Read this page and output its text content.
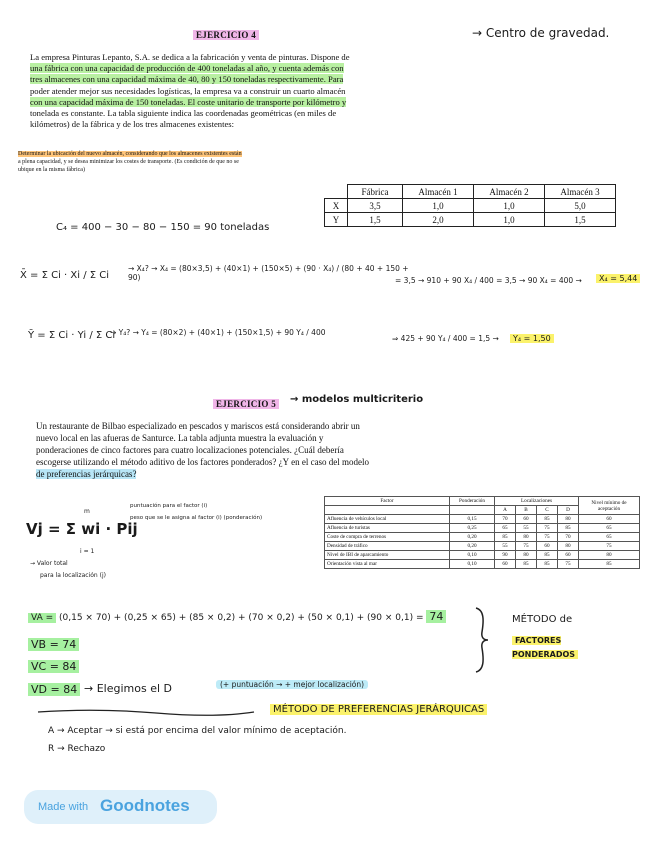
EJERCICIO 4	→ Centro de gravedad.
La empresa Pinturas Lepanto, S.A. se dedica a la fabricación y venta de pinturas. Dispone de
una fábrica con una capacidad de producción de 400 toneladas al año, y cuenta además con
tres almacenes con una capacidad máxima de 40, 80 y 150 toneladas respectivamente. Para
poder atender mejor sus necesidades logísticas, la empresa va a construir un cuarto almacén
con una capacidad máxima de 150 toneladas. El coste unitario de transporte por kilómetro y
tonelada es constante. La tabla siguiente indica las coordenadas geométricas (en miles de
kilómetros) de la fábrica y de los tres almacenes existentes:
Determinar la ubicación del nuevo almacén, considerando que los almacenes existentes están
a plena capacidad, y se desea minimizar los costes de transporte. (Es condición de que no se
ubique en la misma fábrica)
	Fábrica	Almacén 1	Almacén 2	Almacén 3
X	3,5	1,0	1,0	5,0
Y	1,5	2,0	1,0	1,5
C₄ = 400 − 30 − 80 − 150 = 90 toneladas
X̄ = Σ Ci · Xi / Σ Ci
→ X₄? → X₄ = (80×3,5) + (40×1) + (150×5) + (90 · X₄) / (80 + 40 + 150 + 90)	= 3,5 → 910 + 90 X₄ / 400 = 3,5 → 90 X₄ = 400 →	X₄ = 5,44
Ȳ = Σ Ci · Yi / Σ Ci
→ Y₄? → Y₄ = (80×2) + (40×1) + (150×1,5) + 90 Y₄ / 400
⇒ 425 + 90 Y₄ / 400 = 1,5 →	Y₄ = 1,50
EJERCICIO 5	→ modelos multicriterio
Un restaurante de Bilbao especializado en pescados y mariscos está considerando abrir un
nuevo local en las afueras de Santurce. La tabla adjunta muestra la evaluación y
ponderaciones de cinco factores para cuatro localizaciones potenciales. ¿Cuál debería
escogerse utilizando el método aditivo de los factores ponderados? ¿Y en el caso del modelo
de preferencias jerárquicas?
Vj = Σ wi · Pij
m
i = 1
puntuación para el factor (i)
peso que se le asigna al factor (i) (ponderación)
→ Valor total
para la localización (j)
Factor	Ponderación	Localizaciones				Nivel mínimo de aceptación
		A	B	C	D	
Afluencia de vehículos local	0,15	70	60	85	80	60
Afluencia de turistas	0,25	65	55	75	85	65
Coste de compra de terrenos	0,20	85	80	75	70	65
Densidad de tráfico	0,20	55	75	60	80	75
Nivel de IBI de aparcamiento	0,10	90	80	85	60	80
Orientación vista al mar	0,10	60	85	85	75	85
VA = (0,15 × 70) + (0,25 × 65) + (85 × 0,2) + (70 × 0,2) + (50 × 0,1) + (90 × 0,1) = 74
VB = 74
VC = 84
VD = 84 → Elegimos el D	(+ puntuación → + mejor localización)
MÉTODO de
FACTORES PONDERADOS
MÉTODO DE PREFERENCIAS JERÁRQUICAS
A → Aceptar → si está por encima del valor mínimo de aceptación.
R → Rechazo
Made with Goodnotes
